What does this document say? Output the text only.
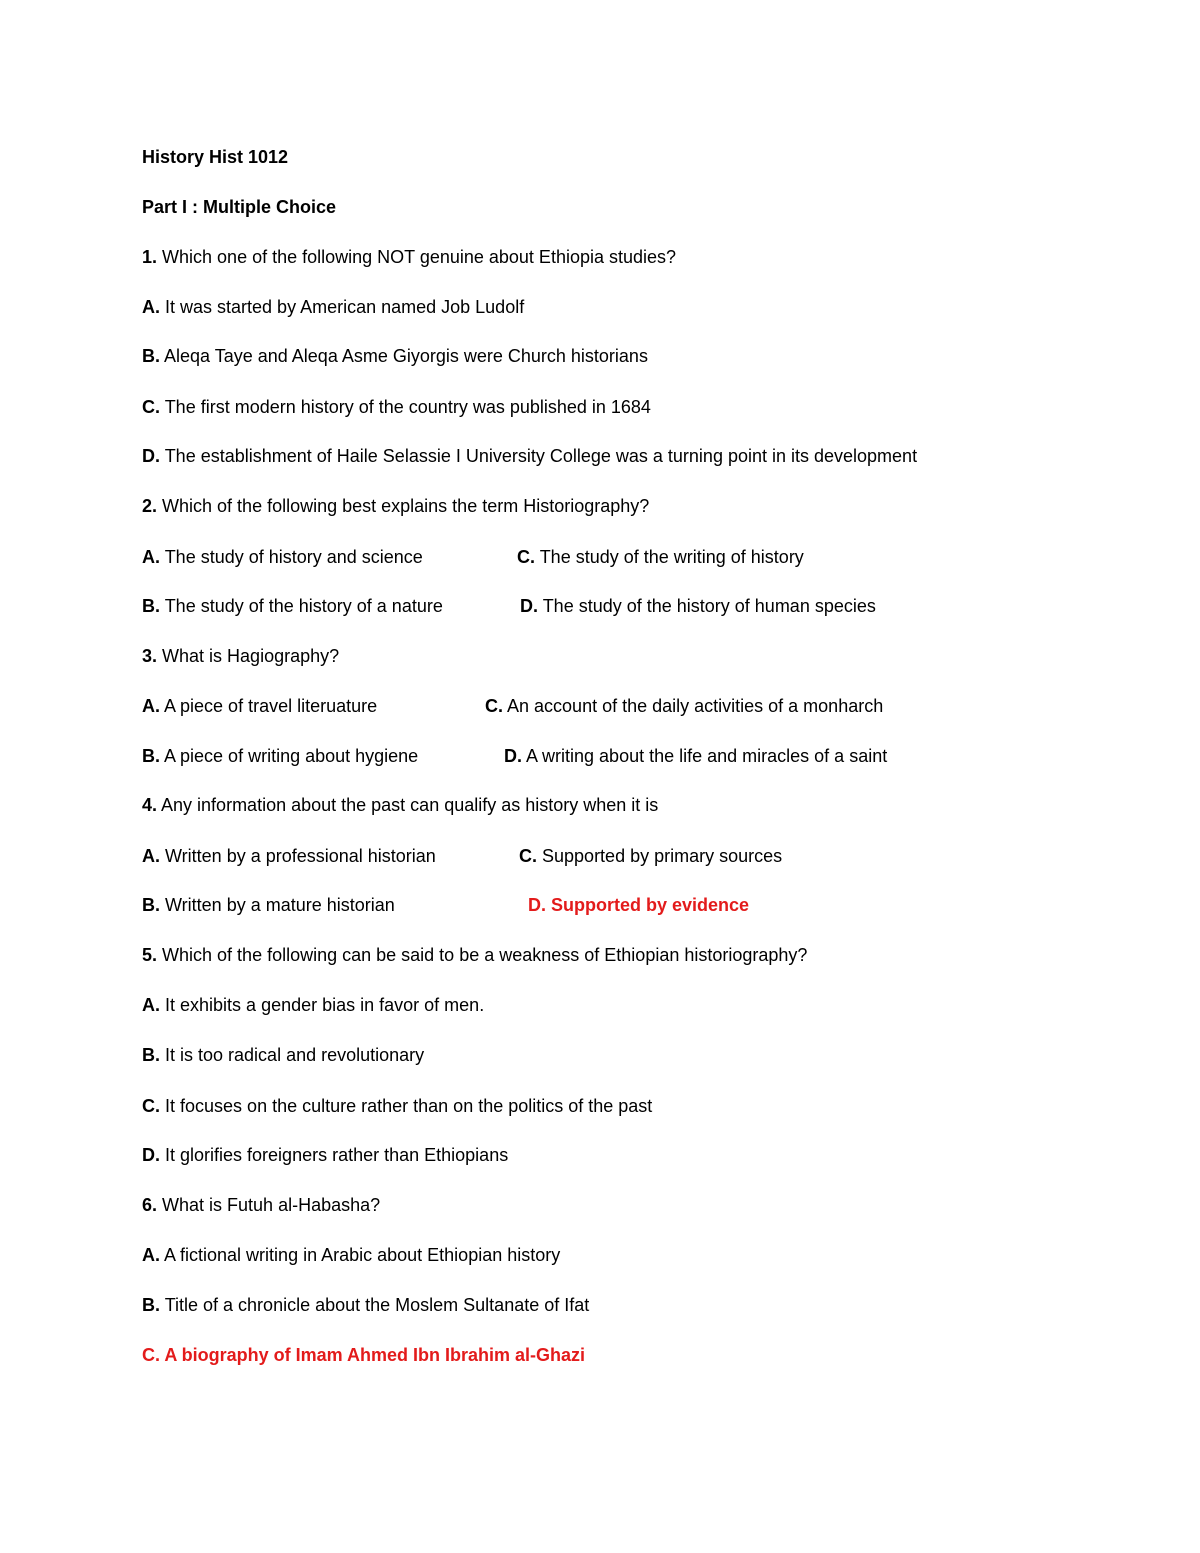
History Hist 1012
Part I : Multiple Choice
1. Which one of the following NOT genuine about Ethiopia studies?
A. It was started by American named Job Ludolf
B. Aleqa Taye and Aleqa Asme Giyorgis were Church historians
C. The first modern history of the country was published in 1684
D. The establishment of Haile Selassie I University College was a turning point in its development
2. Which of the following best explains the term Historiography?
A. The study of history and science	C. The study of the writing of history
B. The study of the history of a nature	D. The study of the history of human species
3. What is Hagiography?
A. A piece of travel literuature	C. An account of the daily activities of a monharch
B. A piece of writing about hygiene	D. A writing about the life and miracles of a saint
4. Any information about the past can qualify as history when it is
A. Written by a professional historian	C. Supported by primary sources
B. Written by a mature historian	D. Supported by evidence
5. Which of the following can be said to be a weakness of Ethiopian historiography?
A. It exhibits a gender bias in favor of men.
B. It is too radical and revolutionary
C. It focuses on the culture rather than on the politics of the past
D. It glorifies foreigners rather than Ethiopians
6. What is Futuh al-Habasha?
A. A fictional writing in Arabic about Ethiopian history
B. Title of a chronicle about the Moslem Sultanate of Ifat
C. A biography of Imam Ahmed Ibn Ibrahim al-Ghazi
